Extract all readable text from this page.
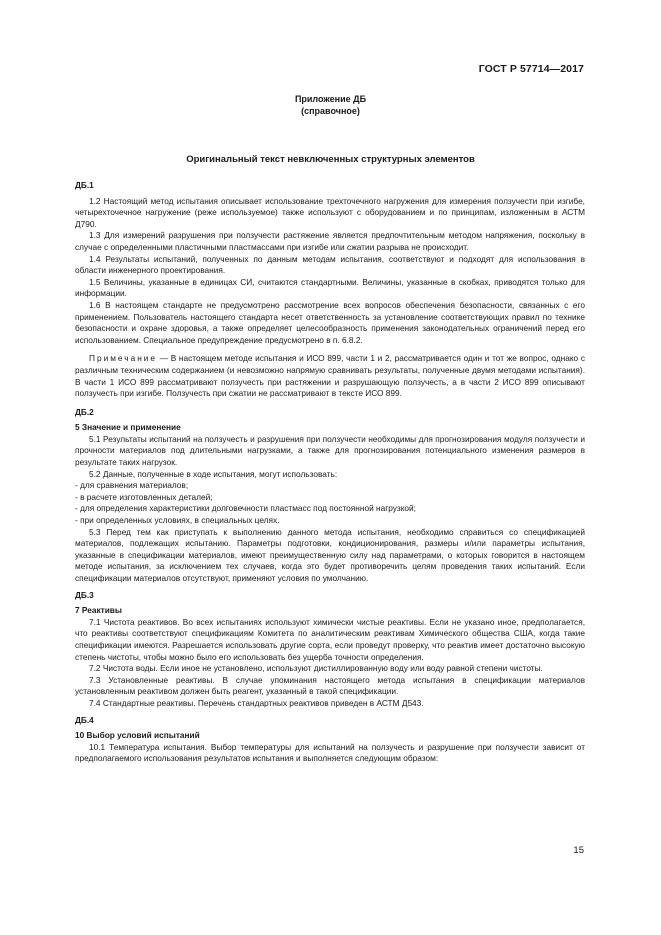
ГОСТ Р 57714—2017
Приложение ДБ
(справочное)
Оригинальный текст невключенных структурных элементов
ДБ.1

1.2 Настоящий метод испытания описывает использование трехточечного нагружения для измерения ползучести при изгибе, четырехточечное нагружение (реже используемое) также используют с оборудованием и по принципам, изложенным в АСТМ Д790.

1.3 Для измерений разрушения при ползучести растяжение является предпочтительным методом напряжения, поскольку в случае с определенными пластичными пластмассами при изгибе или сжатии разрыва не происходит.

1.4 Результаты испытаний, полученных по данным методам испытания, соответствуют и подходят для использования в области инженерного проектирования.

1.5 Величины, указанные в единицах СИ, считаются стандартными. Величины, указанные в скобках, приводятся только для информации.

1.6 В настоящем стандарте не предусмотрено рассмотрение всех вопросов обеспечения безопасности, связанных с его применением. Пользователь настоящего стандарта несет ответственность за установление соответствующих правил по технике безопасности и охране здоровья, а также определяет целесообразность применения законодательных ограничений перед его использованием. Специальное предупреждение предусмотрено в п. 6.8.2.

Примечание — В настоящем методе испытания и ИСО 899, части 1 и 2, рассматривается один и тот же вопрос, однако с различным техническим содержанием (и невозможно напрямую сравнивать результаты, полученные двумя методами испытания). В части 1 ИСО 899 рассматривают ползучесть при растяжении и разрушающую ползучесть, а в части 2 ИСО 899 описывают ползучесть при изгибе. Ползучесть при сжатии не рассматривают в тексте ИСО 899.

ДБ.2
5 Значение и применение

5.1 Результаты испытаний на ползучесть и разрушения при ползучести необходимы для прогнозирования модуля ползучести и прочности материалов под длительными нагрузками, а также для прогнозирования потенциального изменения размеров в результате таких нагрузок.

5.2 Данные, полученные в ходе испытания, могут использовать:

- для сравнения материалов;
- в расчете изготовленных деталей;
- для определения характеристики долговечности пластмасс под постоянной нагрузкой;
- при определенных условиях, в специальных целях.

5.3 Перед тем как приступать к выполнению данного метода испытания, необходимо справиться со спецификацией материалов, подлежащих испытанию. Параметры подготовки, кондиционирования, размеры и/или параметры испытания, указанные в спецификации материалов, имеют преимущественную силу над параметрами, о которых говорится в настоящем методе испытания, за исключением тех случаев, когда это будет противоречить целям проведения таких испытаний. Если спецификации материалов отсутствуют, применяют условия по умолчанию.

ДБ.3
7 Реактивы

7.1 Чистота реактивов. Во всех испытаниях используют химически чистые реактивы. Если не указано иное, предполагается, что реактивы соответствуют спецификациям Комитета по аналитическим реактивам Химического общества США, когда такие спецификации имеются. Разрешается использовать другие сорта, если проведут проверку, что реактив имеет достаточно высокую степень чистоты, чтобы можно было его использовать без ущерба точности определения.

7.2 Чистота воды. Если иное не установлено, используют дистиллированную воду или воду равной степени чистоты.

7.3 Установленные реактивы. В случае упоминания настоящего метода испытания в спецификации материалов установленным реактивом должен быть реагент, указанный в такой спецификации.

7.4 Стандартные реактивы. Перечень стандартных реактивов приведен в АСТМ Д543.

ДБ.4
10 Выбор условий испытаний

10.1 Температура испытания. Выбор температуры для испытаний на ползучесть и разрушение при ползучести зависит от предполагаемого использования результатов испытания и выполняется следующим образом:

15
